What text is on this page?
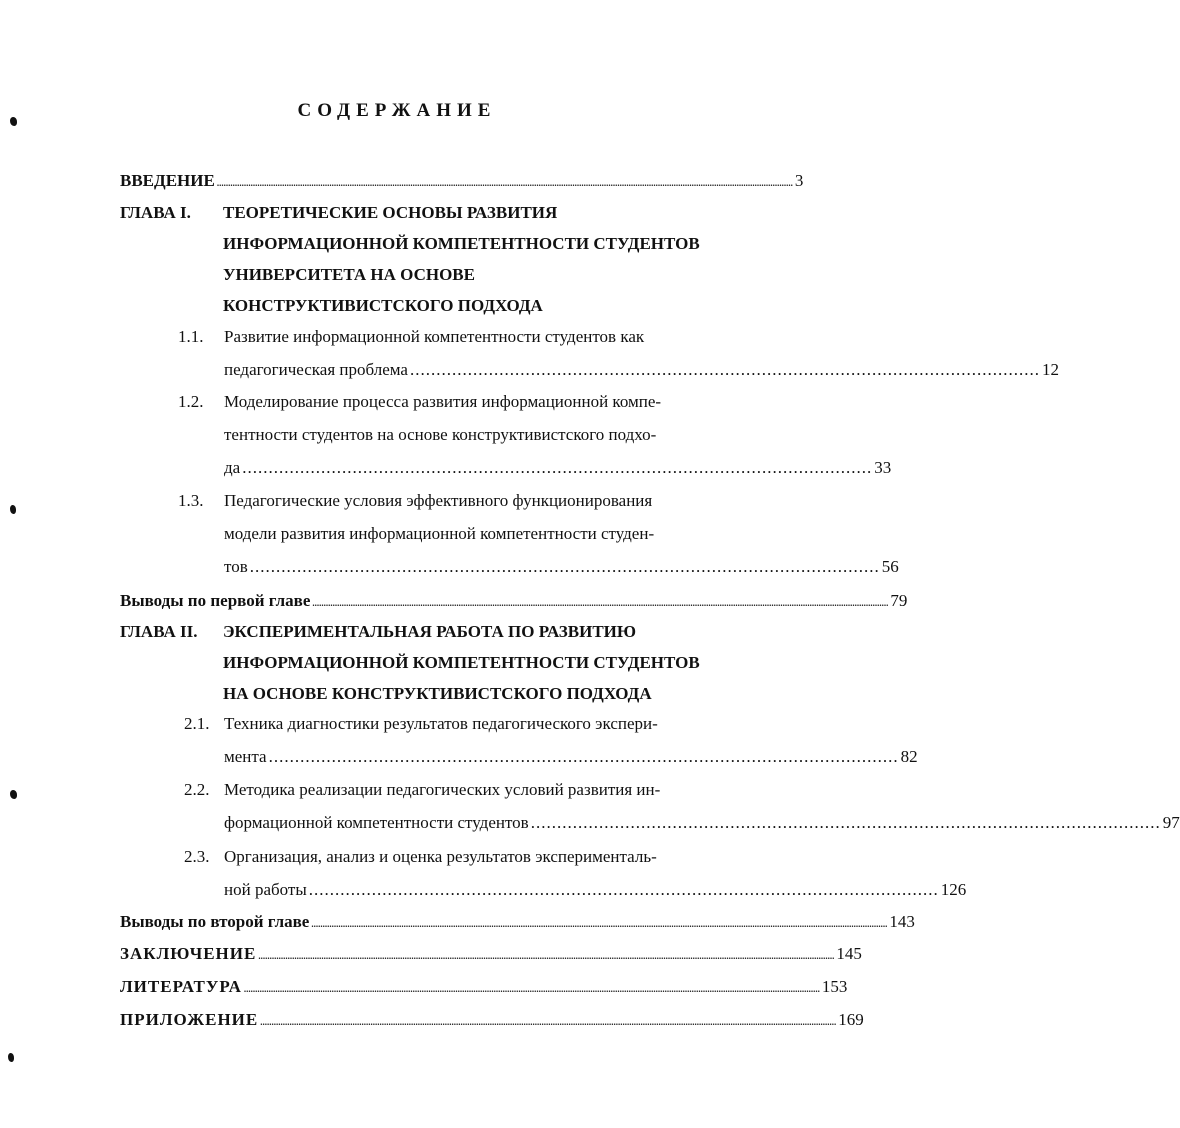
СОДЕРЖАНИЕ
ВВЕДЕНИЕ ................................................................................................................................................................................................................................................................ 3
ГЛАВА I. ТЕОРЕТИЧЕСКИЕ ОСНОВЫ РАЗВИТИЯ
ИНФОРМАЦИОННОЙ КОМПЕТЕНТНОСТИ СТУДЕНТОВ
УНИВЕРСИТЕТА НА ОСНОВЕ
КОНСТРУКТИВИСТСКОГО ПОДХОДА
1.1. Развитие информационной компетентности студентов как
педагогическая проблема ........................................................................................................................ 12
1.2. Моделирование процесса развития информационной компе-
тентности студентов на основе конструктивистского подхо-
да ........................................................................................................................ 33
1.3. Педагогические условия эффективного функционирования
модели развития информационной компетентности студен-
тов ........................................................................................................................ 56
Выводы по первой главе ................................................................................................................................................................................................................................................................ 79
ГЛАВА II. ЭКСПЕРИМЕНТАЛЬНАЯ РАБОТА ПО РАЗВИТИЮ
ИНФОРМАЦИОННОЙ КОМПЕТЕНТНОСТИ СТУДЕНТОВ
НА ОСНОВЕ КОНСТРУКТИВИСТСКОГО ПОДХОДА
2.1. Техника диагностики результатов педагогического экспери-
мента ........................................................................................................................ 82
2.2. Методика реализации педагогических условий развития ин-
формационной компетентности студентов ........................................................................................................................ 97
2.3. Организация, анализ и оценка результатов эксперименталь-
ной работы ........................................................................................................................ 126
Выводы по второй главе ................................................................................................................................................................................................................................................................ 143
ЗАКЛЮЧЕНИЕ ................................................................................................................................................................................................................................................................ 145
ЛИТЕРАТУРА ................................................................................................................................................................................................................................................................ 153
ПРИЛОЖЕНИЕ ................................................................................................................................................................................................................................................................ 169
